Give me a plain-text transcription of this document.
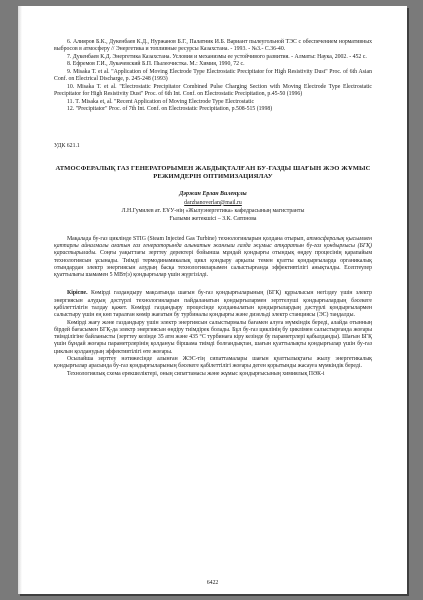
6. Алияров Б.К., Дукенбаев К.Д., Нуржанов Б.Г., Палатник И.Б. Вариант пылеугольной ТЭС с обеспечением нормативных выбросов в атмосферу // Энергетика и топливные ресурсы Казахстана. - 1993. - №3.- С.36-40.

7. Дукенбаев К.Д. Энергетика Казахстана. Условия и механизмы ее устойчивого развития. - Алматы: Наука, 2002. - 452 с.

8. Ефремов Г.И., Лукачевский Б.П. Пылеочистка. М.: Химия, 1990, 72 с.

9. Misaka T. et al. "Application of Moving Electrode Type Electrostatic Precipitator for High Resistivity Dust" Proc. of 6th Asian Conf. on Electrical Discharge, p. 245-248 (1993)

10. Misaka T. et al. "Electrostatic Precipitator Combined Pulse Charging Section with Moving Electrode Type Electrostatic Precipitator for High Resistivity Dust" Proc. of 6th Int. Conf. on Electrostatic Precipitation, p.45-50 (1996)

11. T. Misaka et, al. "Recent Application of Moving Electrode Type Electrostatic

12. "Precipitator" Proc. of 7th Int. Conf. on Electrostatic Precipitation, p.508-515 (1998)

УДК 621.1
АТМОСФЕРАЛЫҚ ГАЗ ГЕНЕРАТОРЫМЕН ЖАБДЫҚТАЛҒАН БУ-ГАЗДЫ ШАҒЫН ЖЭО ЖҰМЫС РЕЖИМДЕРІН ОПТИМИЗАЦИЯЛАУ
Дәржан Ерлан Виленұлы
darzhanoverlan@mail.ru
Л.Н.Гумилев ат. ЕҰУ-нің «Жылуэнергетика» кафедрасының магистранты
Ғылыми жетекшісі – З.К. Сатпнова

Мақалада бу-газ циклінде STIG (Steam Injected Gas Turbine) технологияларын қолдана отырып, атмосфералық қысыммен қатпарлы айналмалы ағатын газ генераторында алынатын жанғыш газда жұмыс атқаратын бу-газ қондырғысы (БГҚ) қарастырылады. Соңғы уақыттағы зерттеу деректері бойынша мұндай қондырғы отындық өңдеу процесінің қарапайым технологиясын ұсынады. Тиімді термодинамикалық цикл қондыру арқылы темен қуатты қондырғыларда органикалық отындардан электр энергиясын алудың басқа технологияларымен салыстырғанда эффективтілігі анықталды. Есептеулер қуаттылығы шамамен 5 МВт(э) қондырғылар үшін жүргізілді.

Кіріспе. Көмірді газдандыру мақсатында шағын бу-газ қондырғыларының (БГҚ) құрылысын негіздеу үшін электр энергиясын алудың дәстүрлі технологияларын пайдаланатын қондырғылармен зерттелуші қондырғылардың бәсекеге қабілеттілігін талдау қажет. Көмірді газдандыру процесінде қолданылатын қондырғылардың дәстүрлі қондырғылармен салыстыру үшін ең көп таралған көмір жағатын бу турбиналы қондырғы және дизельді электр станциясы (ЭС) таңдалды.

Көмірді жағу және газдандыру үшін электр энергиясын салыстырмалы бағамен алуға мүмкіндік береді, алайда отынның бірдей бағасымен БГҚ-да электр энергиясын өндіру тиімдірек болады. Бұл бу-газ циклінің бу циклімен салыстырғанда жоғары тиімділігіне байланысты (зерттеу кезінде 35 атм және 435 °С турбинаға кіру кезінде бу параметрлері қабылданды). Шағын БГҚ үшін бұндай жоғары параметрлерінің қолдануы біршама тиімді болғандықтан, шағын қуаттылықты қондырғылар үшін бу-газ циклын қолданудың эффективтілігі өте жоғары.

Осылайша зерттеу нәтижесінде алынған ЖЭС-тің сипаттамалары шағын қуаттылықтағы жылу энергетикалық қондырғылар арасында бу-газ қондырғыларының бәсекеге қабілеттілігі жоғары деген қорытынды жасауға мүмкіндік береді.

Технологиялық схема ерекшеліктері, оның сипаттамасы және жұмыс қондырғысының химиялық ПӘК-і

6422
